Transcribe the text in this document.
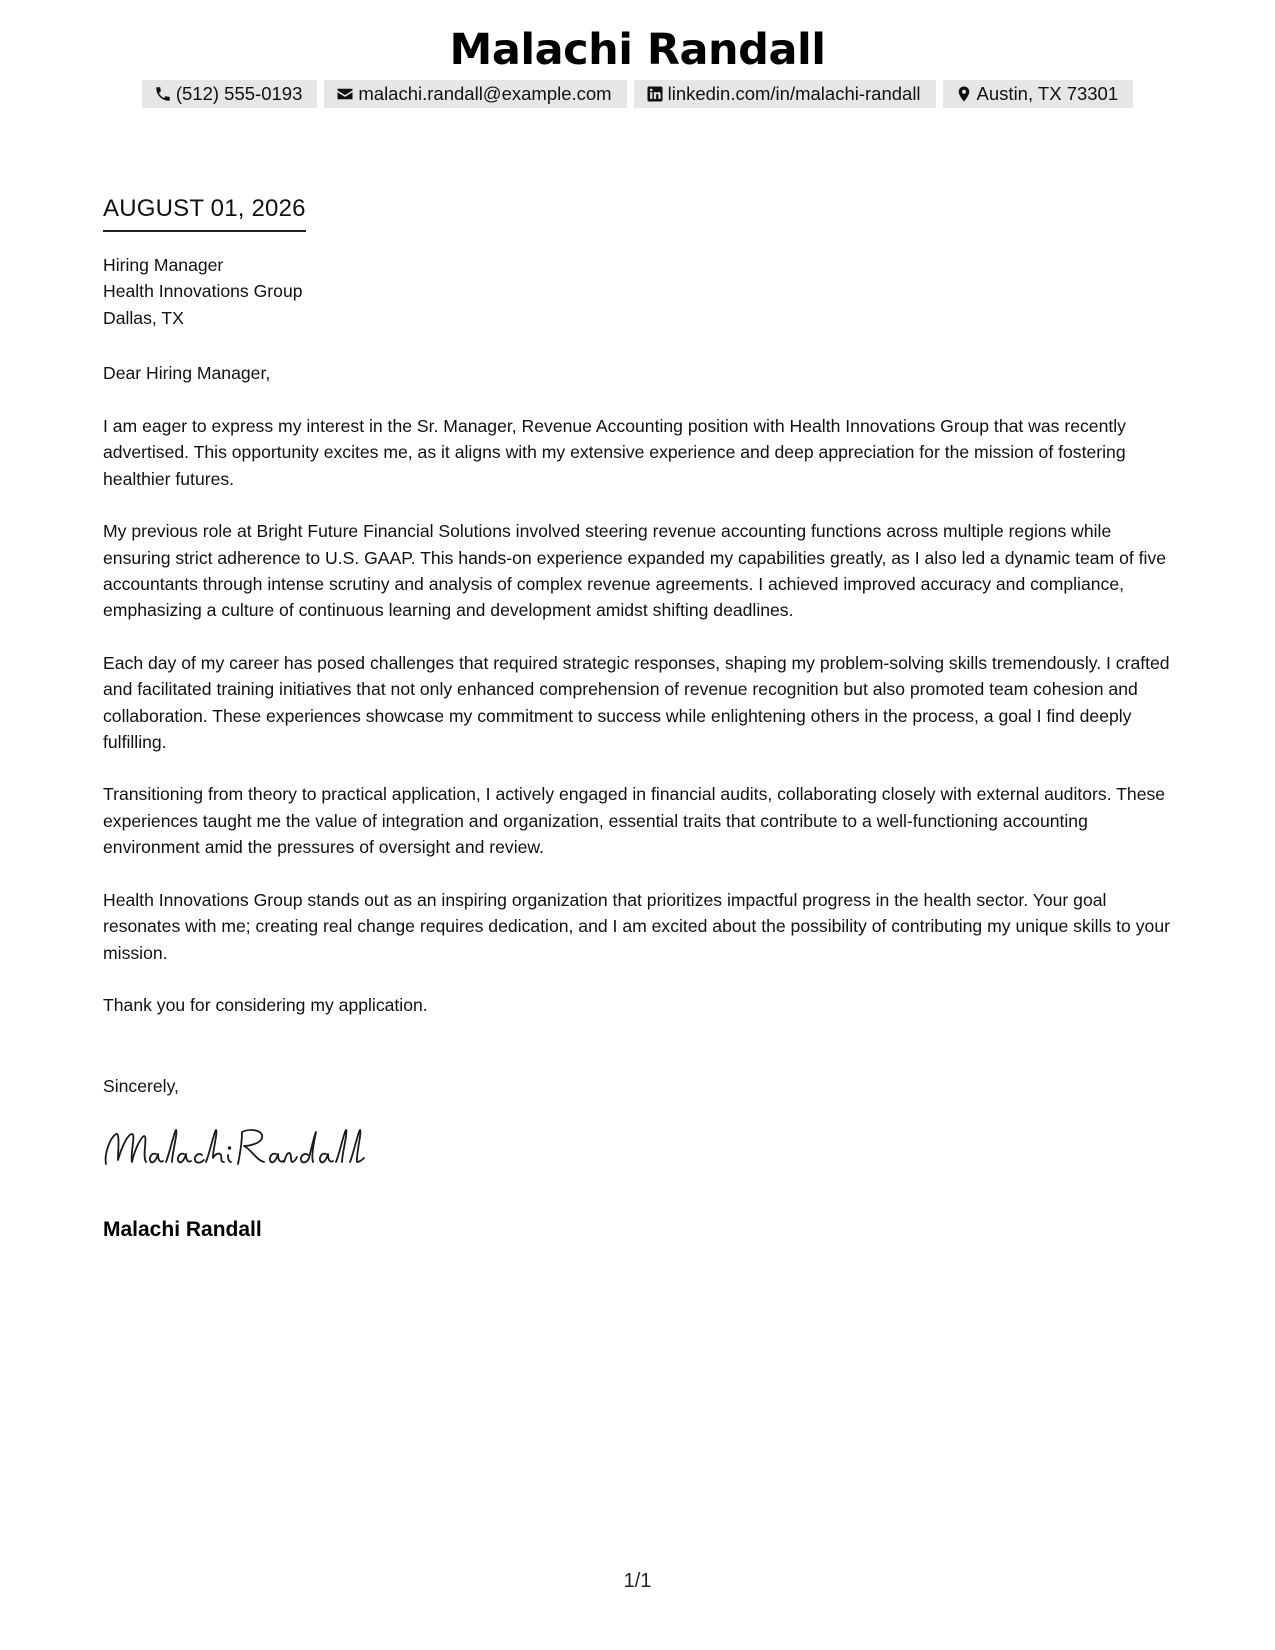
Malachi Randall
(512) 555-0193	malachi.randall@example.com	linkedin.com/in/malachi-randall	Austin, TX 73301
AUGUST 01, 2026
Hiring Manager
Health Innovations Group
Dallas, TX
Dear Hiring Manager,

I am eager to express my interest in the Sr. Manager, Revenue Accounting position with Health Innovations Group that was recently advertised. This opportunity excites me, as it aligns with my extensive experience and deep appreciation for the mission of fostering healthier futures.

My previous role at Bright Future Financial Solutions involved steering revenue accounting functions across multiple regions while ensuring strict adherence to U.S. GAAP. This hands-on experience expanded my capabilities greatly, as I also led a dynamic team of five accountants through intense scrutiny and analysis of complex revenue agreements. I achieved improved accuracy and compliance, emphasizing a culture of continuous learning and development amidst shifting deadlines.

Each day of my career has posed challenges that required strategic responses, shaping my problem-solving skills tremendously. I crafted and facilitated training initiatives that not only enhanced comprehension of revenue recognition but also promoted team cohesion and collaboration. These experiences showcase my commitment to success while enlightening others in the process, a goal I find deeply fulfilling.

Transitioning from theory to practical application, I actively engaged in financial audits, collaborating closely with external auditors. These experiences taught me the value of integration and organization, essential traits that contribute to a well-functioning accounting environment amid the pressures of oversight and review.

Health Innovations Group stands out as an inspiring organization that prioritizes impactful progress in the health sector. Your goal resonates with me; creating real change requires dedication, and I am excited about the possibility of contributing my unique skills to your mission.

Thank you for considering my application.

Sincerely,
Malachi Randall
1/1
